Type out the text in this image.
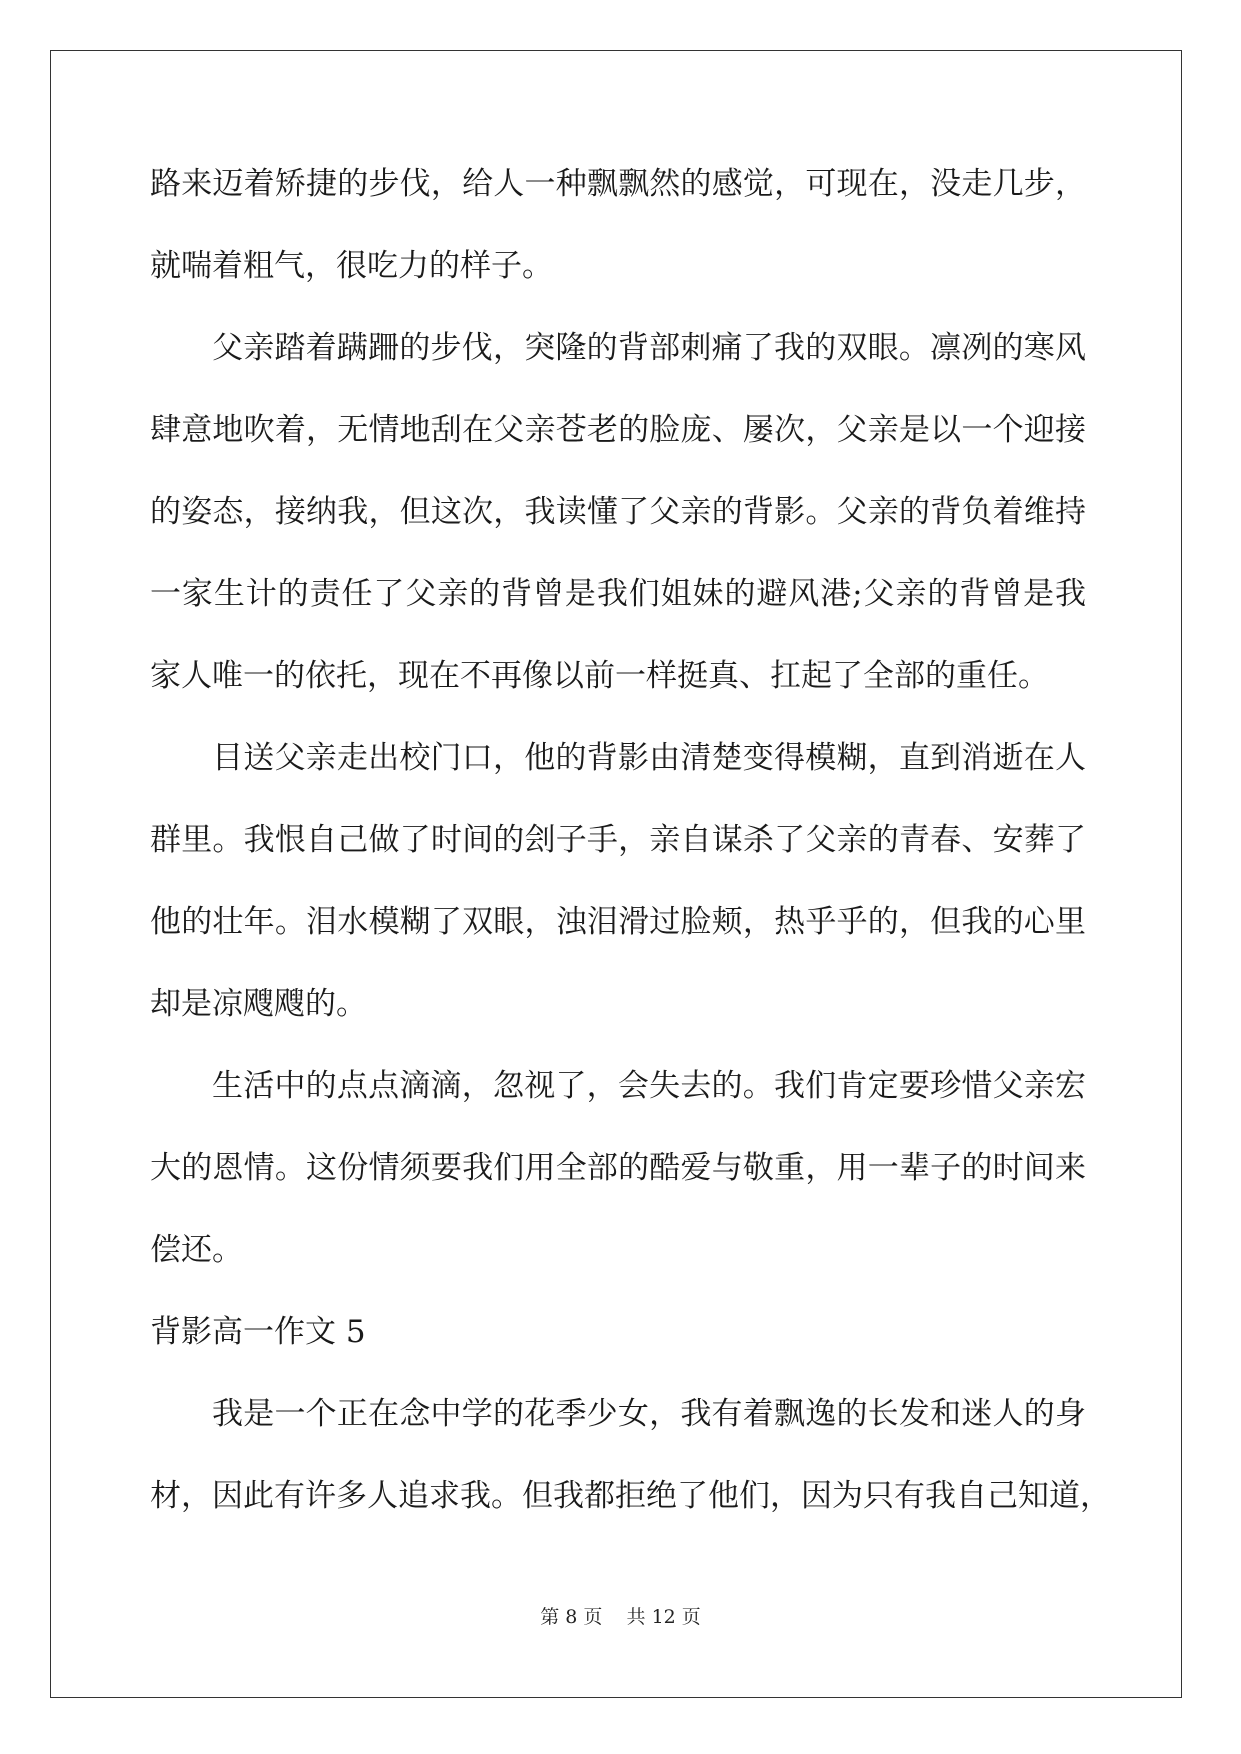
路来迈着矫捷的步伐，给人一种飘飘然的感觉，可现在，没走几步，
就喘着粗气，很吃力的样子。
父亲踏着蹒跚的步伐，突隆的背部刺痛了我的双眼。凛冽的寒风
肆意地吹着，无情地刮在父亲苍老的脸庞、屡次，父亲是以一个迎接
的姿态，接纳我，但这次，我读懂了父亲的背影。父亲的背负着维持
一家生计的责任了父亲的背曾是我们姐妹的避风港;父亲的背曾是我
家人唯一的依托，现在不再像以前一样挺真、扛起了全部的重任。
目送父亲走出校门口，他的背影由清楚变得模糊，直到消逝在人
群里。我恨自己做了时间的刽子手，亲自谋杀了父亲的青春、安葬了
他的壮年。泪水模糊了双眼，浊泪滑过脸颊，热乎乎的，但我的心里
却是凉飕飕的。
生活中的点点滴滴，忽视了，会失去的。我们肯定要珍惜父亲宏
大的恩情。这份情须要我们用全部的酷爱与敬重，用一辈子的时间来
偿还。
背影高一作文 5
我是一个正在念中学的花季少女，我有着飘逸的长发和迷人的身
材，因此有许多人追求我。但我都拒绝了他们，因为只有我自己知道，
第 8 页 共 12 页
